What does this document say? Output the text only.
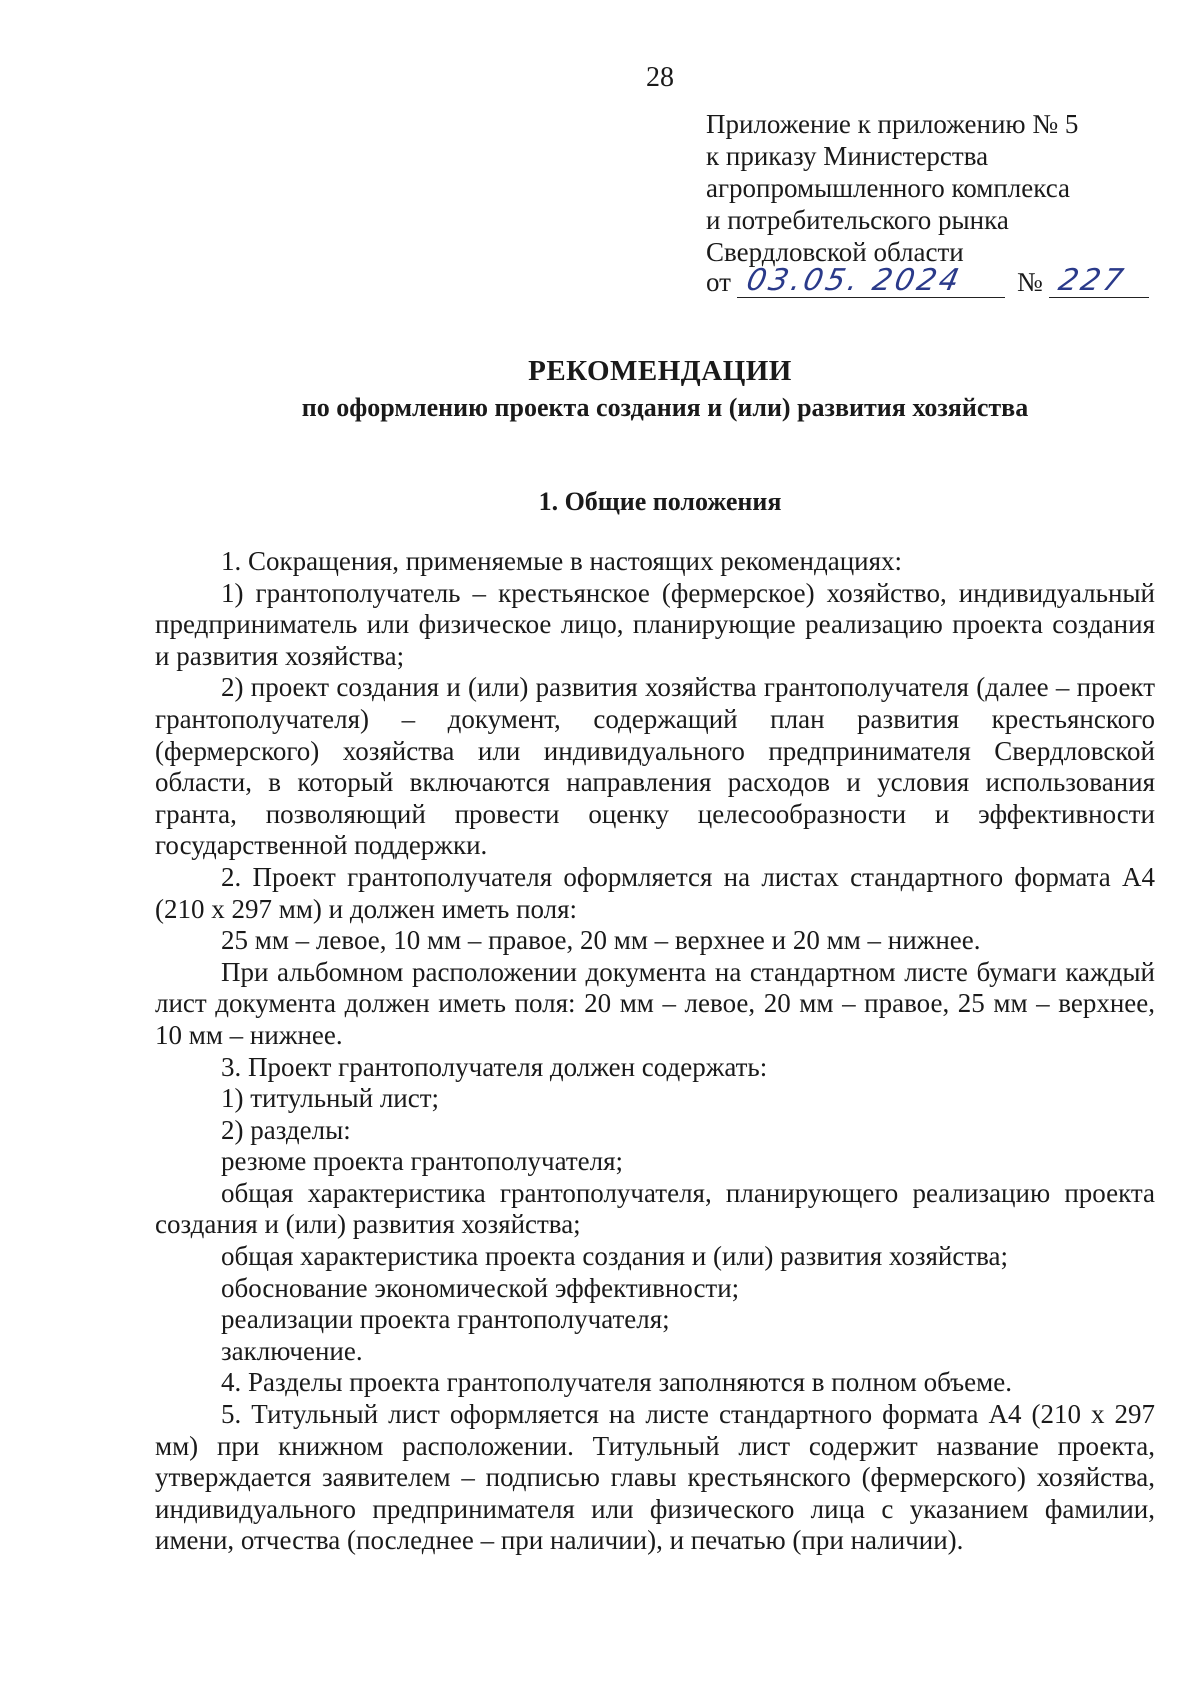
28
Приложение к приложению № 5
к приказу Министерства
агропромышленного комплекса
и потребительского рынка
Свердловской области
от 03.05. 2024 № 227
РЕКОМЕНДАЦИИ
по оформлению проекта создания и (или) развития хозяйства
1. Общие положения

1. Сокращения, применяемые в настоящих рекомендациях:

1) грантополучатель – крестьянское (фермерское) хозяйство, индивидуальный предприниматель или физическое лицо, планирующие реализацию проекта создания и развития хозяйства;

2) проект создания и (или) развития хозяйства грантополучателя (далее – проект грантополучателя) – документ, содержащий план развития крестьянского (фермерского) хозяйства или индивидуального предпринимателя Свердловской области, в который включаются направления расходов и условия использования гранта, позволяющий провести оценку целесообразности и эффективности государственной поддержки.

2. Проект грантополучателя оформляется на листах стандартного формата А4 (210 х 297 мм) и должен иметь поля:

25 мм – левое, 10 мм – правое, 20 мм – верхнее и 20 мм – нижнее.

При альбомном расположении документа на стандартном листе бумаги каждый лист документа должен иметь поля: 20 мм – левое, 20 мм – правое, 25 мм – верхнее, 10 мм – нижнее.

3. Проект грантополучателя должен содержать:

1) титульный лист;

2) разделы:

резюме проекта грантополучателя;

общая характеристика грантополучателя, планирующего реализацию проекта создания и (или) развития хозяйства;

общая характеристика проекта создания и (или) развития хозяйства;

обоснование экономической эффективности;

реализации проекта грантополучателя;

заключение.

4. Разделы проекта грантополучателя заполняются в полном объеме.

5. Титульный лист оформляется на листе стандартного формата А4 (210 х 297 мм) при книжном расположении. Титульный лист содержит название проекта, утверждается заявителем – подписью главы крестьянского (фермерского) хозяйства, индивидуального предпринимателя или физического лица с указанием фамилии, имени, отчества (последнее – при наличии), и печатью (при наличии).
